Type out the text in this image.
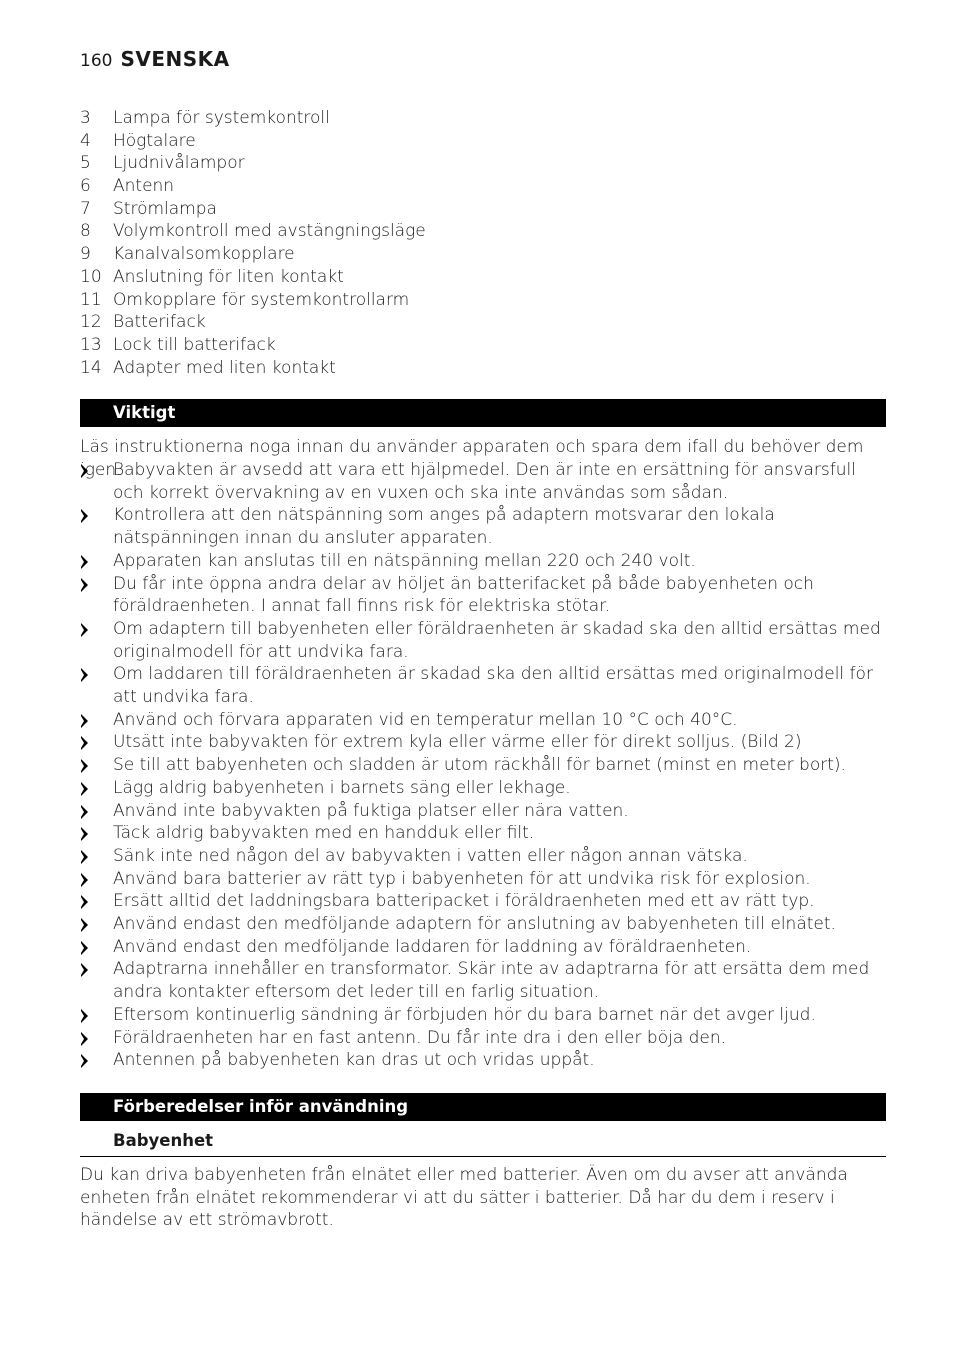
160 SVENSKA
3	Lampa för systemkontroll
4	Högtalare
5	Ljudnivålampor
6	Antenn
7	Strömlampa
8	Volymkontroll med avstängningsläge
9	Kanalvalsomkopplare
10 Anslutning för liten kontakt
11 Omkopplare för systemkontrollarm
12 Batterifack
13 Lock till batterifack
14 Adapter med liten kontakt
Viktigt

Läs instruktionerna noga innan du använder apparaten och spara dem ifall du behöver dem igen.

Babyvakten är avsedd att vara ett hjälpmedel. Den är inte en ersättning för ansvarsfull och korrekt övervakning av en vuxen och ska inte användas som sådan.
Kontrollera att den nätspänning som anges på adaptern motsvarar den lokala nätspänningen innan du ansluter apparaten.
Apparaten kan anslutas till en nätspänning mellan 220 och 240 volt.
Du får inte öppna andra delar av höljet än batterifacket på både babyenheten och föräldraenheten. I annat fall finns risk för elektriska stötar.
Om adaptern till babyenheten eller föräldraenheten är skadad ska den alltid ersättas med originalmodell för att undvika fara.
Om laddaren till föräldraenheten är skadad ska den alltid ersättas med originalmodell för att undvika fara.
Använd och förvara apparaten vid en temperatur mellan 10 °C och 40°C.
Utsätt inte babyvakten för extrem kyla eller värme eller för direkt solljus. (Bild 2)
Se till att babyenheten och sladden är utom räckhåll för barnet (minst en meter bort).
Lägg aldrig babyenheten i barnets säng eller lekhage.
Använd inte babyvakten på fuktiga platser eller nära vatten.
Täck aldrig babyvakten med en handduk eller filt.
Sänk inte ned någon del av babyvakten i vatten eller någon annan vätska.
Använd bara batterier av rätt typ i babyenheten för att undvika risk för explosion.
Ersätt alltid det laddningsbara batteripacket i föräldraenheten med ett av rätt typ.
Använd endast den medföljande adaptern för anslutning av babyenheten till elnätet.
Använd endast den medföljande laddaren för laddning av föräldraenheten.
Adaptrarna innehåller en transformator. Skär inte av adaptrarna för att ersätta dem med andra kontakter eftersom det leder till en farlig situation.
Eftersom kontinuerlig sändning är förbjuden hör du bara barnet när det avger ljud.
Föräldraenheten har en fast antenn. Du får inte dra i den eller böja den.
Antennen på babyenheten kan dras ut och vridas uppåt.
Förberedelser inför användning
Babyenhet

Du kan driva babyenheten från elnätet eller med batterier. Även om du avser att använda enheten från elnätet rekommenderar vi att du sätter i batterier. Då har du dem i reserv i händelse av ett strömavbrott.
